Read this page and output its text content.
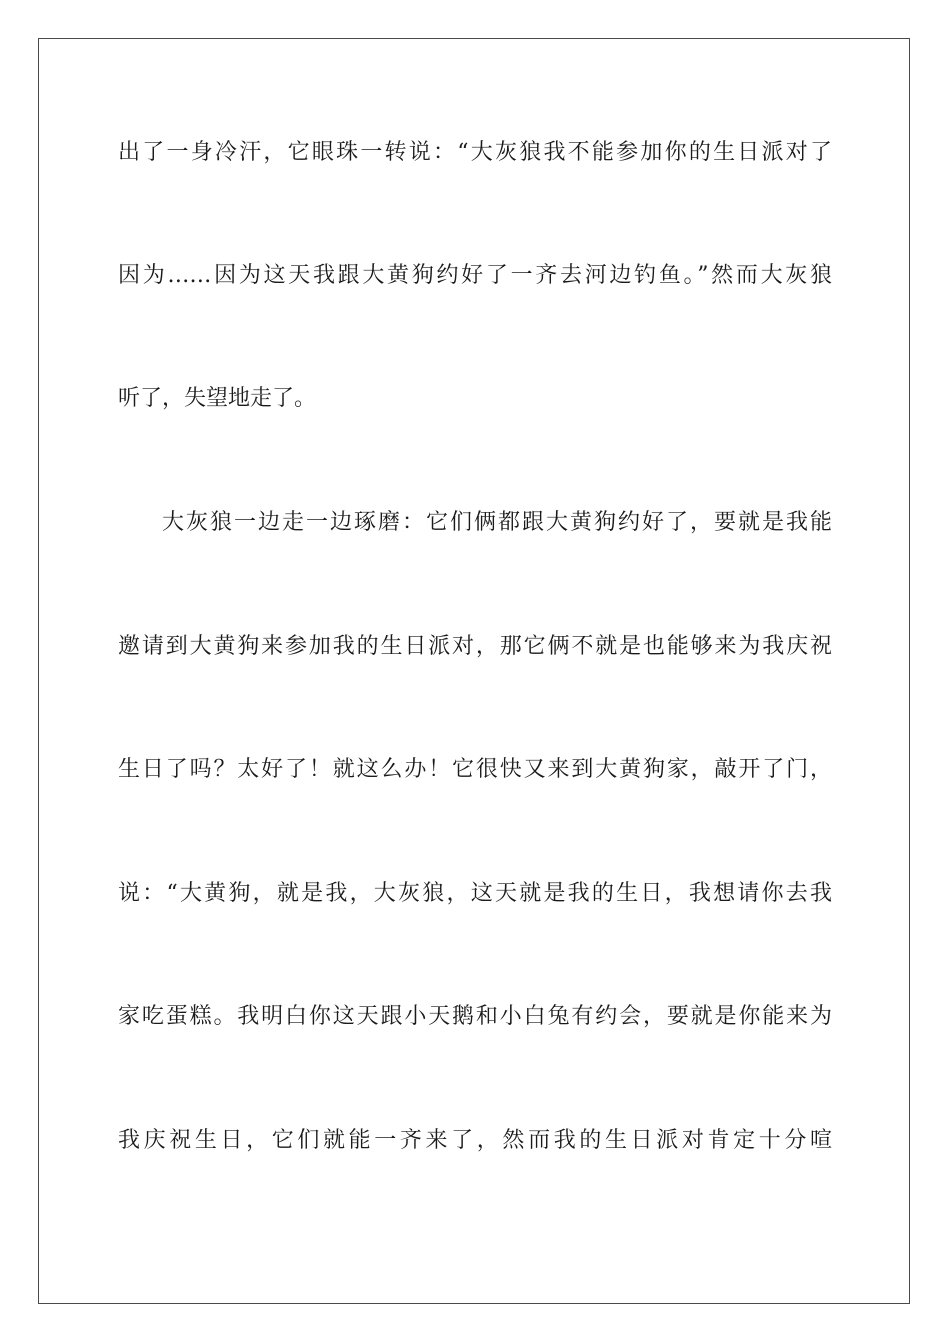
出了一身冷汗，它眼珠一转说：“大灰狼我不能参加你的生日派对了
因为……因为这天我跟大黄狗约好了一齐去河边钓鱼。”然而大灰狼
听了，失望地走了。
大灰狼一边走一边琢磨：它们俩都跟大黄狗约好了，要就是我能
邀请到大黄狗来参加我的生日派对，那它俩不就是也能够来为我庆祝
生日了吗？太好了！就这么办！它很快又来到大黄狗家，敲开了门，
说：“大黄狗，就是我，大灰狼，这天就是我的生日，我想请你去我
家吃蛋糕。我明白你这天跟小天鹅和小白兔有约会，要就是你能来为
我庆祝生日，它们就能一齐来了，然而我的生日派对肯定十分喧
